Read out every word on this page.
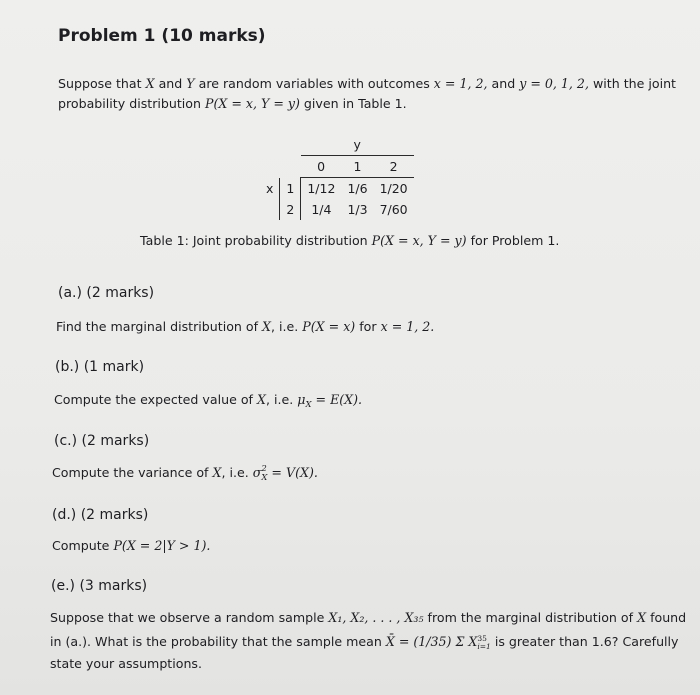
Problem 1 (10 marks)
Suppose that X and Y are random variables with outcomes x = 1, 2, and y = 0, 1, 2, with the joint
probability distribution P(X = x, Y = y) given in Table 1.
		y		
		0	1	2
x	1	1/12	1/6	1/20
	2	1/4	1/3	7/60
Table 1: Joint probability distribution P(X = x, Y = y) for Problem 1.
(a.) (2 marks)
Find the marginal distribution of X, i.e. P(X = x) for x = 1, 2.
(b.) (1 mark)
Compute the expected value of X, i.e. $\mu_X = E(X)$.
(c.) (2 marks)
Compute the variance of X, i.e. σ 2
X = V(X).
(d.) (2 marks)
Compute P(X = 2|Y > 1).
(e.) (3 marks)
Suppose that we observe a random sample X₁, X₂, . . . , X₃₅ from the marginal distribution of X found
in (a.). What is the probability that the sample mean X̄ = (1/35) Σ X 35
i=1 is greater than 1.6? Carefully
state your assumptions.
